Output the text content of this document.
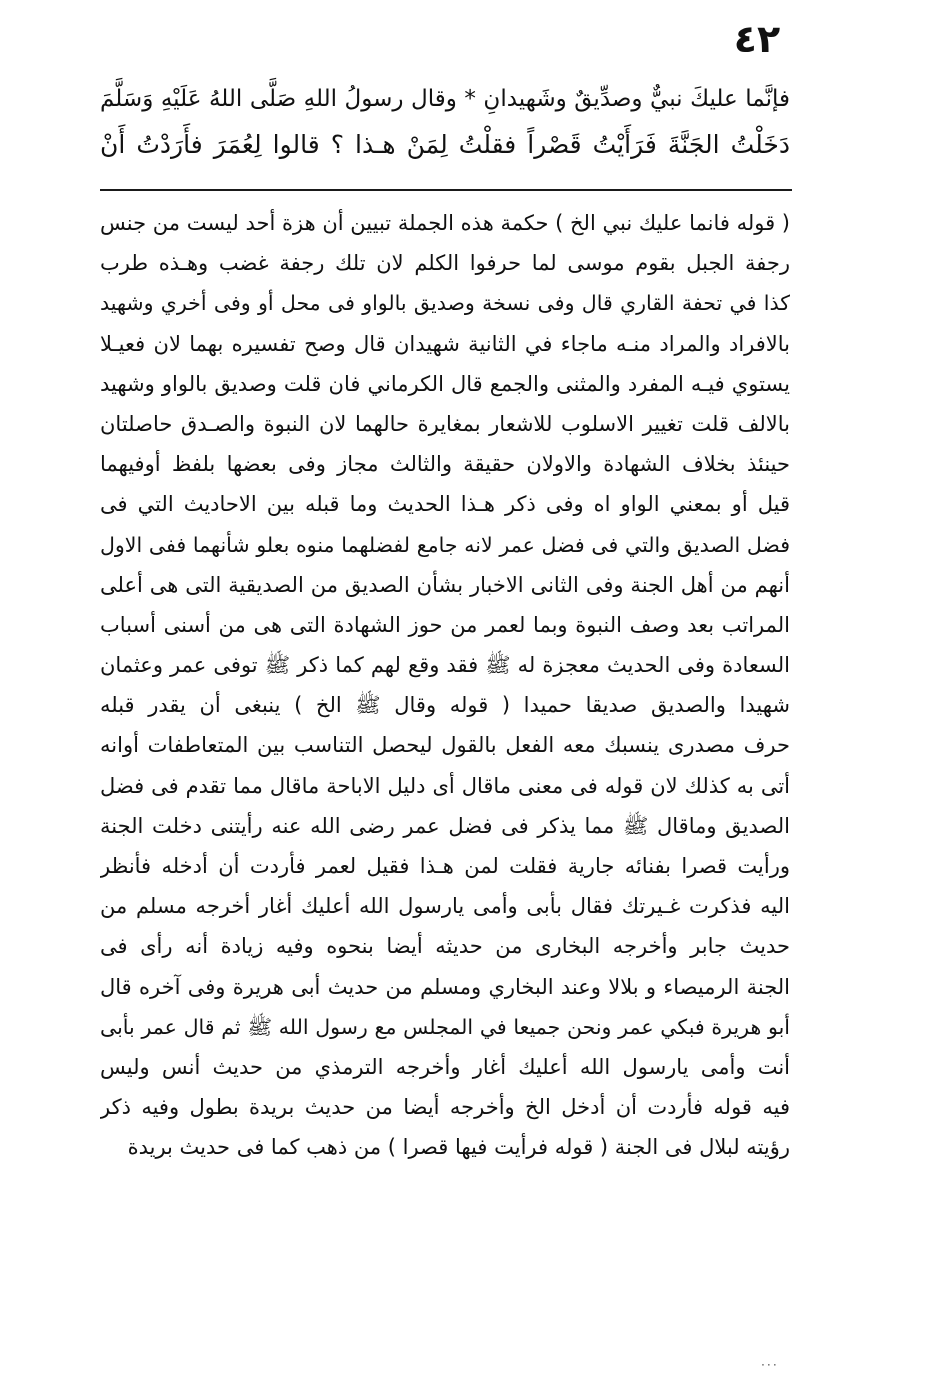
٤٢
فإنَّما عليكَ نبيٌّ وصدِّيقٌ وشَهيدانِ * وقال رسولُ اللهِ صَلَّى اللهُ عَلَيْهِ وَسَلَّمَ
دَخَلْتُ الجَنَّةَ فَرَأَيْتُ قَصْراً فقلْتُ لِمَنْ هـذا ؟ قالوا لِعُمَرَ فأَرَدْتُ أَنْ
( قوله فانما عليك نبي الخ ) حكمة هذه الجملة تبيين أن هزة أحد ليست من جنس
رجفة الجبل بقوم موسى لما حرفوا الكلم لان تلك رجفة غضب وهـذه طرب
كذا في تحفة القاري قال وفى نسخة وصديق بالواو فى محل أو وفى أخري وشهيد
بالافراد والمراد منـه ماجاء في الثانية شهيدان قال وصح تفسيره بهما لان فعيـلا
يستوي فيـه المفرد والمثنى والجمع قال الكرماني فان قلت وصديق بالواو وشهيد
بالالف قلت تغيير الاسلوب للاشعار بمغايرة حالهما لان النبوة والصـدق حاصلتان
حينئذ بخلاف الشهادة والاولان حقيقة والثالث مجاز وفى بعضها بلفظ أوفيهما
قيل أو بمعني الواو اه وفى ذكر هـذا الحديث وما قبله بين الاحاديث التي فى
فضل الصديق والتي فى فضل عمر لانه جامع لفضلهما منوه بعلو شأنهما ففى الاول
أنهم من أهل الجنة وفى الثانى الاخبار بشأن الصديق من الصديقية التى هى أعلى
المراتب بعد وصف النبوة وبما لعمر من حوز الشهادة التى هى من أسنى أسباب
السعادة وفى الحديث معجزة له ﷺ فقد وقع لهم كما ذكر ﷺ توفى عمر وعثمان
شهيدا والصديق صديقا حميدا ( قوله وقال ﷺ الخ ) ينبغى أن يقدر قبله
حرف مصدرى ينسبك معه الفعل بالقول ليحصل التناسب بين المتعاطفات أوانه
أتى به كذلك لان قوله فى معنى ماقال أى دليل الاباحة ماقال مما تقدم فى فضل
الصديق وماقال ﷺ مما يذكر فى فضل عمر رضى الله عنه رأيتنى دخلت الجنة
ورأيت قصرا بفنائه جارية فقلت لمن هـذا فقيل لعمر فأردت أن أدخله فأنظر
اليه فذكرت غـيرتك فقال بأبى وأمى يارسول الله أعليك أغار أخرجه مسلم من
حديث جابر وأخرجه البخارى من حديثه أيضا بنحوه وفيه زيادة أنه رأى فى
الجنة الرميصاء و بلالا وعند البخاري ومسلم من حديث أبى هريرة وفى آخره قال
أبو هريرة فبكي عمر ونحن جميعا في المجلس مع رسول الله ﷺ ثم قال عمر بأبى
أنت وأمى يارسول الله أعليك أغار وأخرجه الترمذي من حديث أنس وليس
فيه قوله فأردت أن أدخل الخ وأخرجه أيضا من حديث بريدة بطول وفيه ذكر
رؤيته لبلال فى الجنة ( قوله فرأيت فيها قصرا ) من ذهب كما فى حديث بريدة
٠٠٠
